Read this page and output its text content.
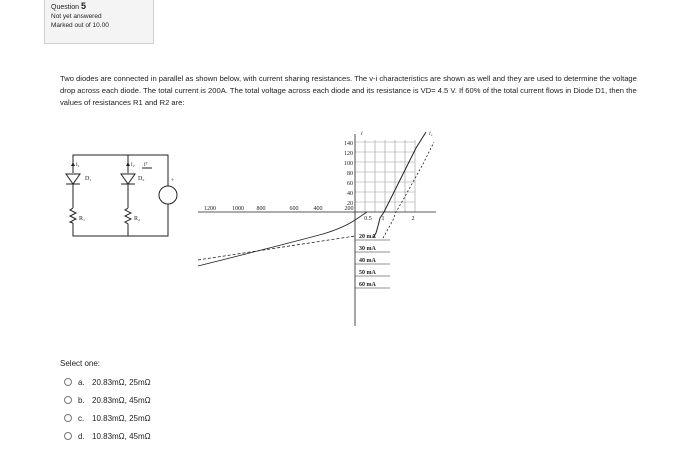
Question 5
Not yet answered
Marked out of 10.00
Two diodes are connected in parallel as shown below, with current sharing resistances. The v-i characteristics are shown as well and they are used to determine the voltage drop across each diode. The total current is 200A. The total voltage across each diode and its resistance is VD= 4.5 V. If 60% of the total current flows in Diode D1, then the values of resistances R1 and R2 are:
i₁	i₂ iᵀ
D₁	D₂
R₁	R₂
+
140
120
100
80
60
40
20
1200	1000 800	600	400	200
0.5 1	2
i	i₁
20 mA
30 mA
40 mA
50 mA
60 mA
Select one:
a. 20.83mΩ, 25mΩ
b. 20.83mΩ, 45mΩ
c. 10.83mΩ, 25mΩ
d. 10.83mΩ, 45mΩ
